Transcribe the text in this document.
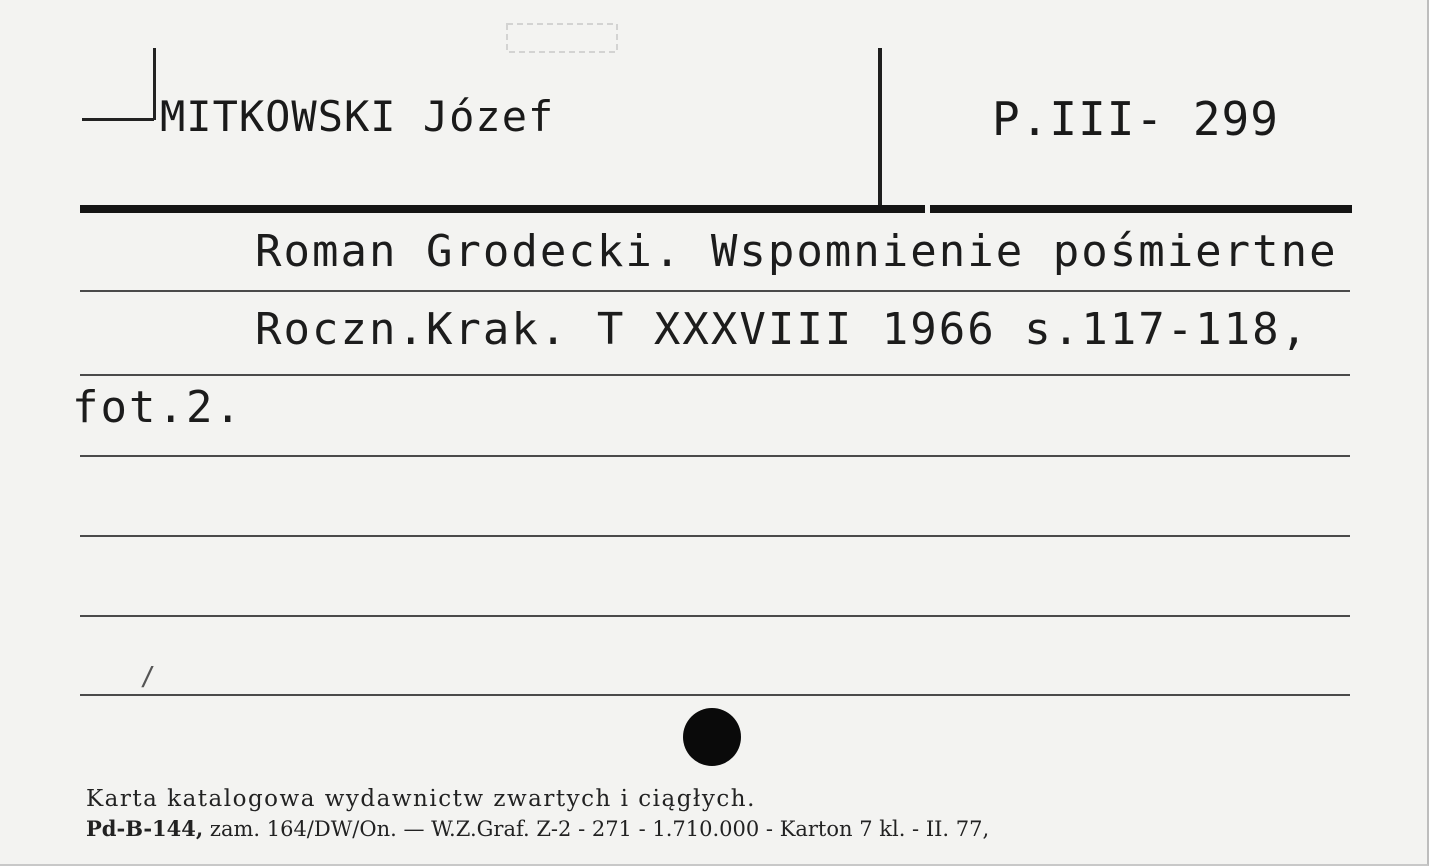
MITKOWSKI Józef	P.III- 299
Roman Grodecki. Wspomnienie pośmiertne
Roczn.Krak. T XXXVIII 1966 s.117-118,
fot.2.
/
Karta katalogowa wydawnictw zwartych i ciągłych.
Pd-B-144, zam. 164/DW/On. — W.Z.Graf. Z-2 - 271 - 1.710.000 - Karton 7 kl. - II. 77,
